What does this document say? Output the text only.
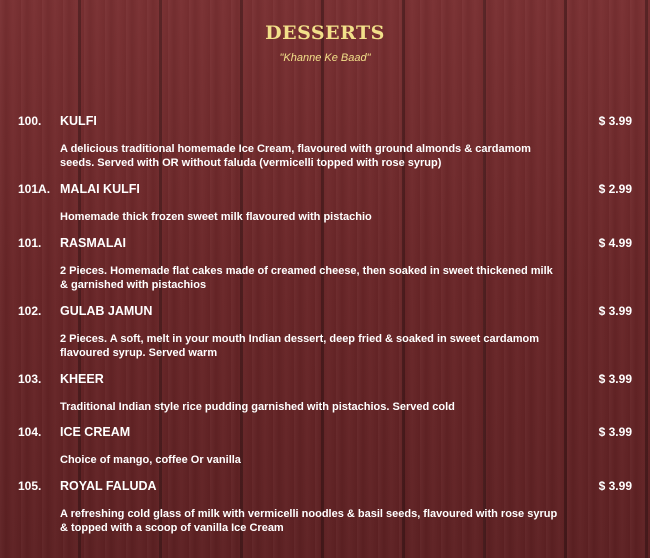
DESSERTS
"Khanne Ke Baad"
100. KULFI	$ 3.99
A delicious traditional homemade Ice Cream, flavoured with ground almonds & cardamom seeds. Served with OR without faluda (vermicelli topped with rose syrup)
101A. MALAI KULFI	$ 2.99
Homemade thick frozen sweet milk flavoured with pistachio
101. RASMALAI	$ 4.99
2 Pieces. Homemade flat cakes made of creamed cheese, then soaked in sweet thickened milk & garnished with pistachios
102. GULAB JAMUN	$ 3.99
2 Pieces. A soft, melt in your mouth Indian dessert, deep fried & soaked in sweet cardamom flavoured syrup. Served warm
103. KHEER	$ 3.99
Traditional Indian style rice pudding garnished with pistachios. Served cold
104. ICE CREAM	$ 3.99
Choice of mango, coffee Or vanilla
105. ROYAL FALUDA	$ 3.99
A refreshing cold glass of milk with vermicelli noodles & basil seeds, flavoured with rose syrup & topped with a scoop of vanilla Ice Cream
